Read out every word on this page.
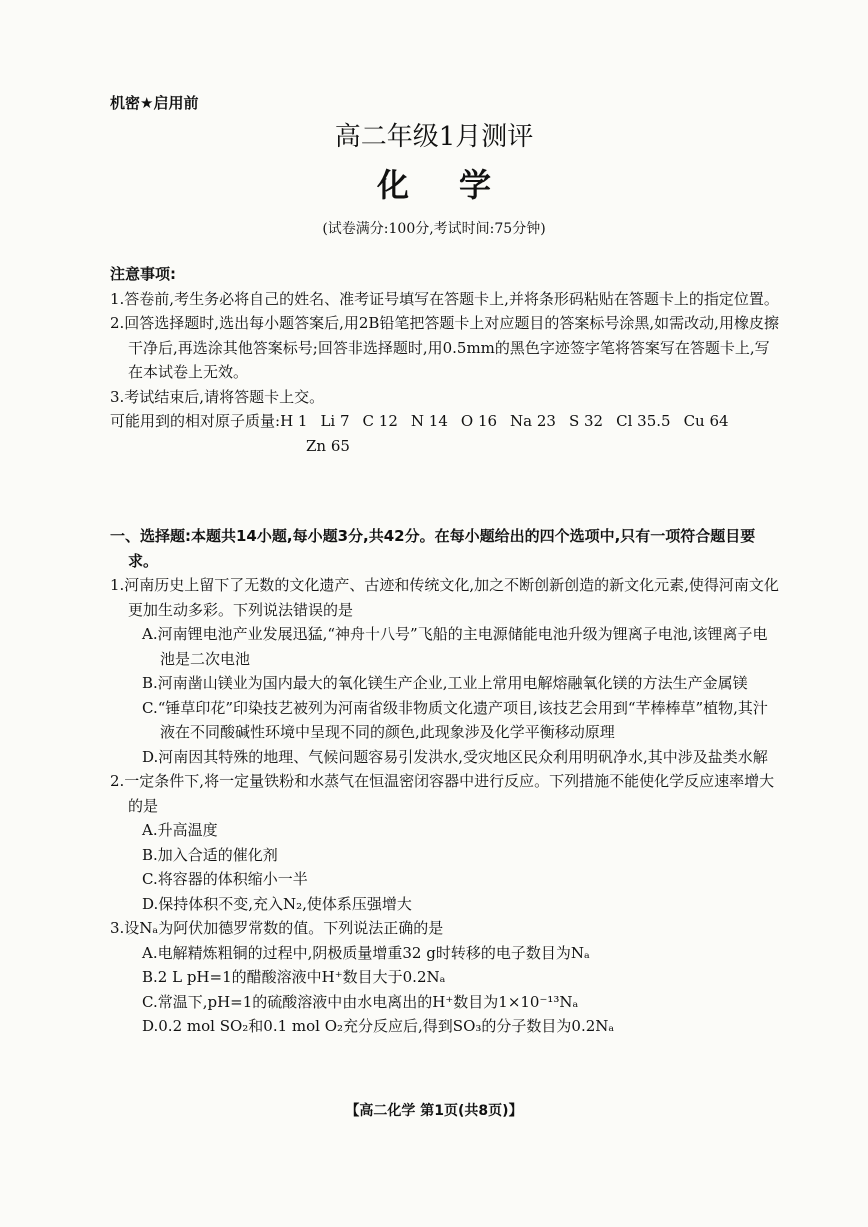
机密★启用前
高二年级1月测评
化学
(试卷满分:100分,考试时间:75分钟)
注意事项:
1.答卷前,考生务必将自己的姓名、准考证号填写在答题卡上,并将条形码粘贴在答题卡上的指定位置。
2.回答选择题时,选出每小题答案后,用2B铅笔把答题卡上对应题目的答案标号涂黑,如需改动,用橡皮擦干净后,再选涂其他答案标号;回答非选择题时,用0.5mm的黑色字迹签字笔将答案写在答题卡上,写在本试卷上无效。
3.考试结束后,请将答题卡上交。
可能用到的相对原子质量: H 1 Li 7 C 12 N 14 O 16 Na 23 S 32 Cl 35.5 Cu 64
Zn 65
一、选择题:本题共14小题,每小题3分,共42分。在每小题给出的四个选项中,只有一项符合题目要求。
1.河南历史上留下了无数的文化遗产、古迹和传统文化,加之不断创新创造的新文化元素,使得河南文化更加生动多彩。下列说法错误的是
A.河南锂电池产业发展迅猛,“神舟十八号”飞船的主电源储能电池升级为锂离子电池,该锂离子电池是二次电池
B.河南凿山镁业为国内最大的氧化镁生产企业,工业上常用电解熔融氧化镁的方法生产金属镁
C.“锤草印花”印染技艺被列为河南省级非物质文化遗产项目,该技艺会用到“芊棒棒草”植物,其汁液在不同酸碱性环境中呈现不同的颜色,此现象涉及化学平衡移动原理
D.河南因其特殊的地理、气候问题容易引发洪水,受灾地区民众利用明矾净水,其中涉及盐类水解
2.一定条件下,将一定量铁粉和水蒸气在恒温密闭容器中进行反应。下列措施不能使化学反应速率增大的是
A.升高温度
B.加入合适的催化剂
C.将容器的体积缩小一半
D.保持体积不变,充入N₂,使体系压强增大
3.设Nₐ为阿伏加德罗常数的值。下列说法正确的是
A.电解精炼粗铜的过程中,阴极质量增重32 g时转移的电子数目为Nₐ
B.2 L pH=1的醋酸溶液中H⁺数目大于0.2Nₐ
C.常温下,pH=1的硫酸溶液中由水电离出的H⁺数目为1×10⁻¹³Nₐ
D.0.2 mol SO₂和0.1 mol O₂充分反应后,得到SO₃的分子数目为0.2Nₐ
【高二化学 第1页(共8页)】
